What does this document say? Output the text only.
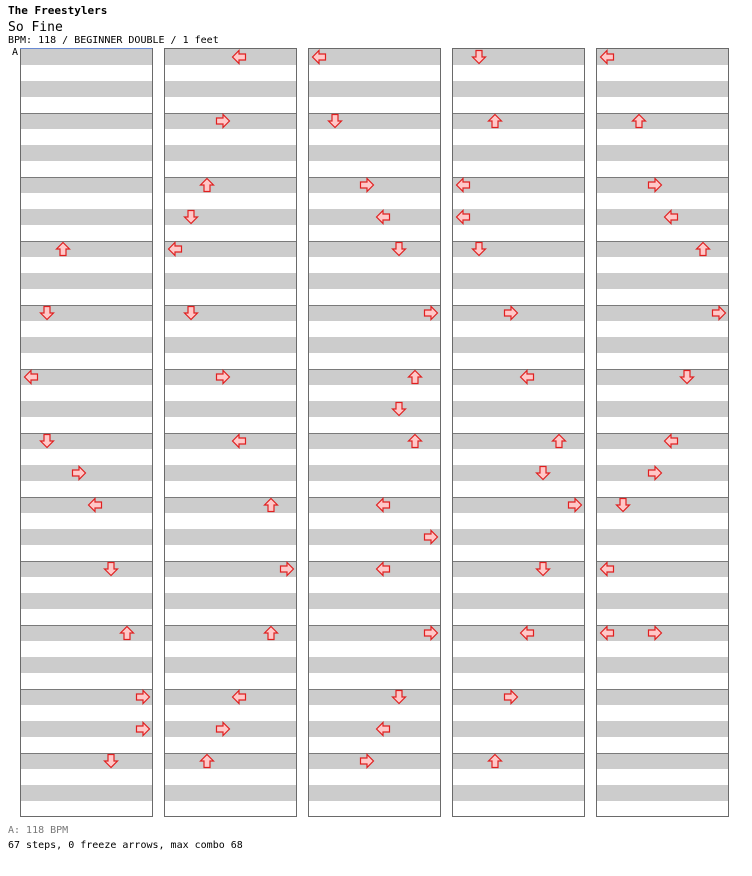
The Freestylers
So Fine
BPM: 118 / BEGINNER DOUBLE / 1 feet
A
A: 118 BPM
67 steps, 0 freeze arrows, max combo 68
